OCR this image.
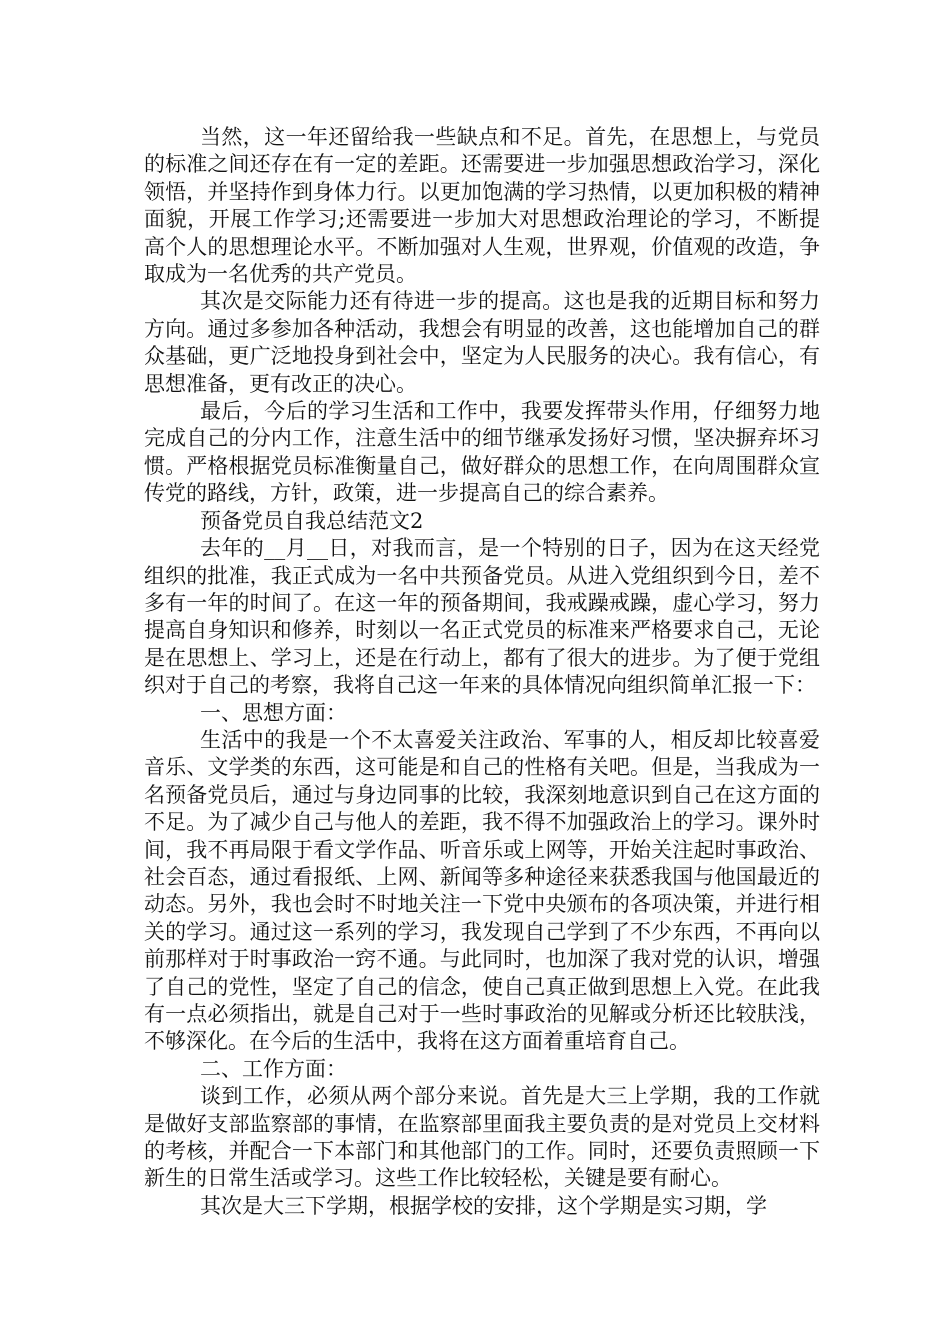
当然，这一年还留给我一些缺点和不足。首先，在思想上，与党员的标准之间还存在有一定的差距。还需要进一步加强思想政治学习，深化领悟，并坚持作到身体力行。以更加饱满的学习热情，以更加积极的精神面貌，开展工作学习;还需要进一步加大对思想政治理论的学习，不断提高个人的思想理论水平。不断加强对人生观，世界观，价值观的改造，争取成为一名优秀的共产党员。

其次是交际能力还有待进一步的提高。这也是我的近期目标和努力方向。通过多参加各种活动，我想会有明显的改善，这也能增加自己的群众基础，更广泛地投身到社会中，坚定为人民服务的决心。我有信心，有思想准备，更有改正的决心。

最后，今后的学习生活和工作中，我要发挥带头作用，仔细努力地完成自己的分内工作，注意生活中的细节继承发扬好习惯，坚决摒弃坏习惯。严格根据党员标准衡量自己，做好群众的思想工作，在向周围群众宣传党的路线，方针，政策，进一步提高自己的综合素养。

预备党员自我总结范文2

去年的__月__日，对我而言，是一个特别的日子，因为在这天经党组织的批准，我正式成为一名中共预备党员。从进入党组织到今日，差不多有一年的时间了。在这一年的预备期间，我戒躁戒躁，虚心学习，努力提高自身知识和修养，时刻以一名正式党员的标准来严格要求自己，无论是在思想上、学习上，还是在行动上，都有了很大的进步。为了便于党组织对于自己的考察，我将自己这一年来的具体情况向组织简单汇报一下：

一、思想方面：

生活中的我是一个不太喜爱关注政治、军事的人，相反却比较喜爱音乐、文学类的东西，这可能是和自己的性格有关吧。但是，当我成为一名预备党员后，通过与身边同事的比较，我深刻地意识到自己在这方面的不足。为了减少自己与他人的差距，我不得不加强政治上的学习。课外时间，我不再局限于看文学作品、听音乐或上网等，开始关注起时事政治、社会百态，通过看报纸、上网、新闻等多种途径来获悉我国与他国最近的动态。另外，我也会时不时地关注一下党中央颁布的各项决策，并进行相关的学习。通过这一系列的学习，我发现自己学到了不少东西，不再向以前那样对于时事政治一窍不通。与此同时，也加深了我对党的认识，增强了自己的党性，坚定了自己的信念，使自己真正做到思想上入党。在此我有一点必须指出，就是自己对于一些时事政治的见解或分析还比较肤浅，不够深化。在今后的生活中，我将在这方面着重培育自己。

二、工作方面：

谈到工作，必须从两个部分来说。首先是大三上学期，我的工作就是做好支部监察部的事情，在监察部里面我主要负责的是对党员上交材料的考核，并配合一下本部门和其他部门的工作。同时，还要负责照顾一下新生的日常生活或学习。这些工作比较轻松，关键是要有耐心。

其次是大三下学期，根据学校的安排，这个学期是实习期，学
